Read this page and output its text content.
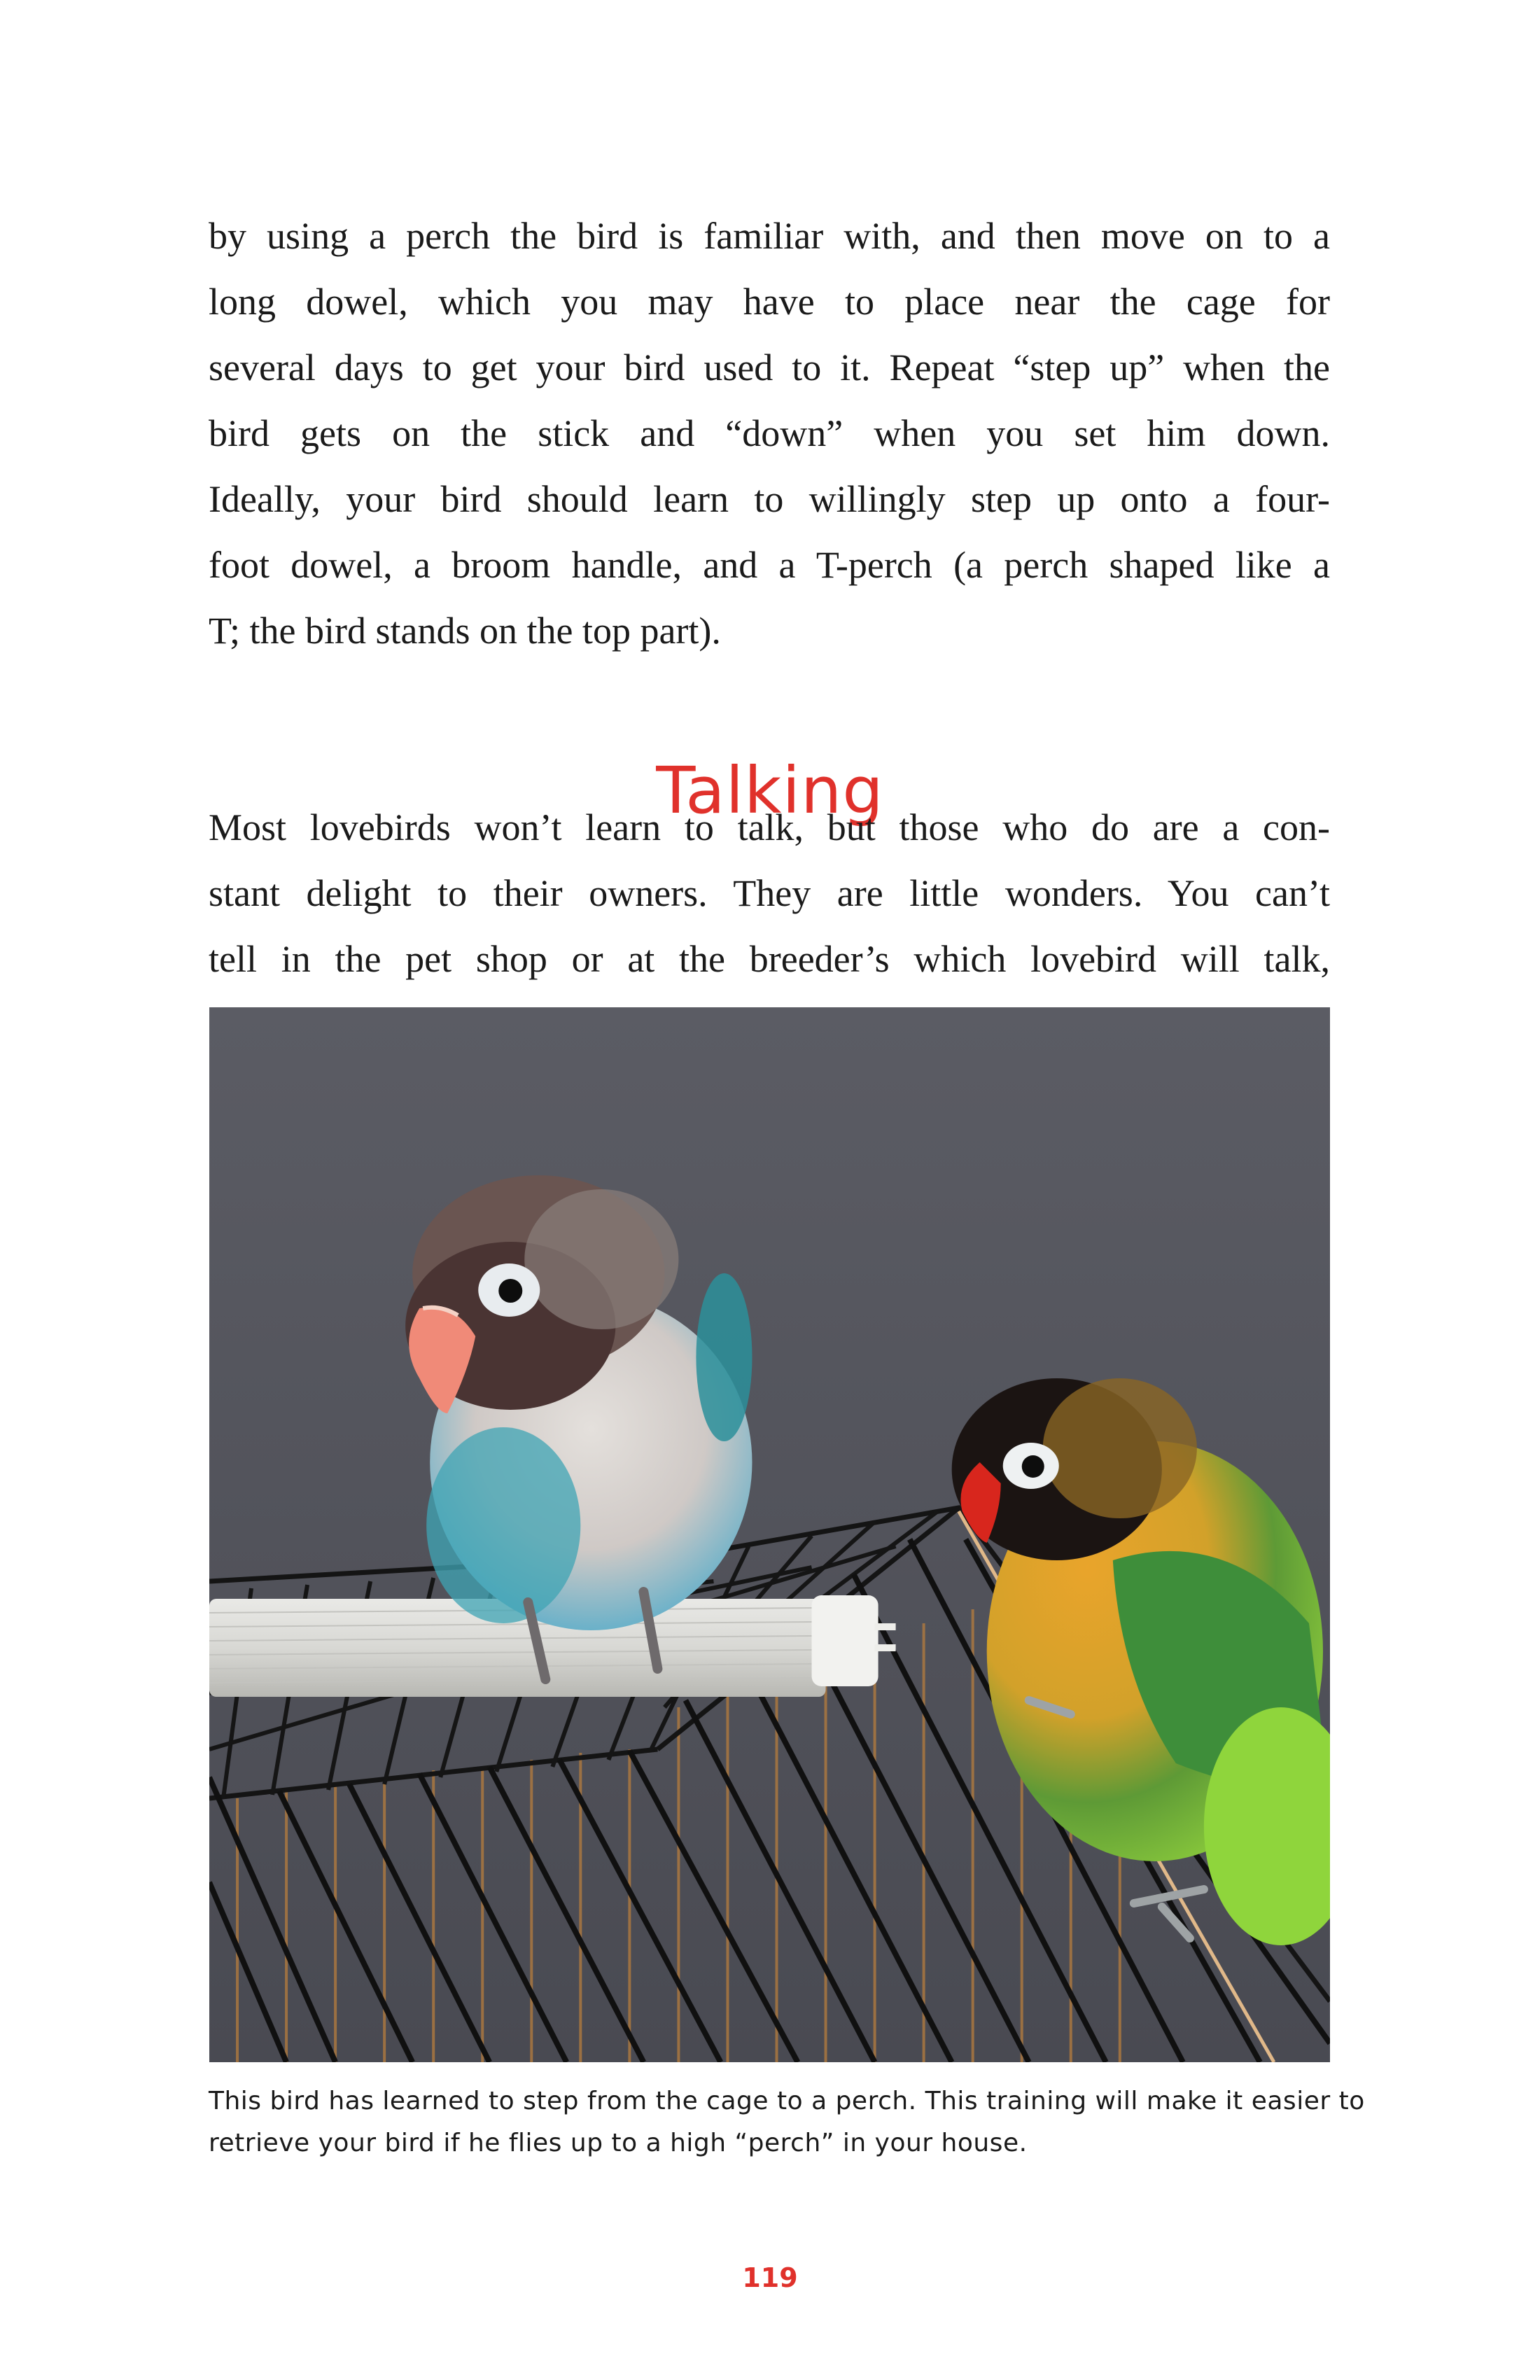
by using a perch the bird is familiar with, and then move on to a
long dowel, which you may have to place near the cage for
several days to get your bird used to it. Repeat “step up” when the
bird gets on the stick and “down” when you set him down.
Ideally, your bird should learn to willingly step up onto a four-
foot dowel, a broom handle, and a T-perch (a perch shaped like a
T; the bird stands on the top part).
Talking
Most lovebirds won’t learn to talk, but those who do are a con-
stant delight to their owners. They are little wonders. You can’t
tell in the pet shop or at the breeder’s which lovebird will talk,
This bird has learned to step from the cage to a perch. This training will make it easier to
retrieve your bird if he flies up to a high “perch” in your house.
119
